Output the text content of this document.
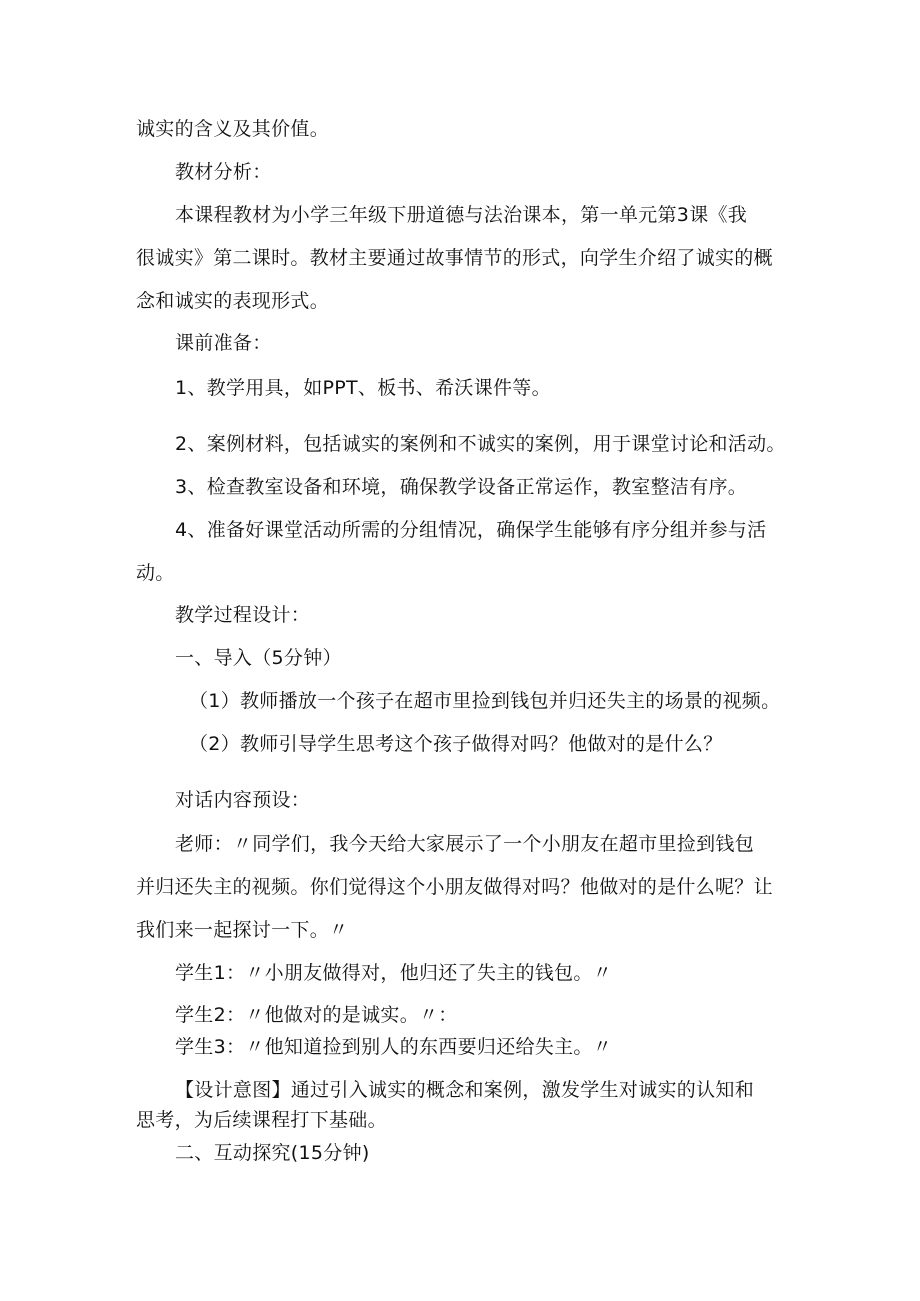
诚实的含义及其价值。
教材分析：
本课程教材为小学三年级下册道德与法治课本，第一单元第3课《我
很诚实》第二课时。教材主要通过故事情节的形式，向学生介绍了诚实的概
念和诚实的表现形式。
课前准备：
1、教学用具，如PPT、板书、希沃课件等。
2、案例材料，包括诚实的案例和不诚实的案例，用于课堂讨论和活动。
3、检查教室设备和环境，确保教学设备正常运作，教室整洁有序。
4、准备好课堂活动所需的分组情况，确保学生能够有序分组并参与活
动。
教学过程设计：
一、导入（5分钟）
（1）教师播放一个孩子在超市里捡到钱包并归还失主的场景的视频。
（2）教师引导学生思考这个孩子做得对吗？他做对的是什么？
对话内容预设：
老师：〃同学们，我今天给大家展示了一个小朋友在超市里捡到钱包
并归还失主的视频。你们觉得这个小朋友做得对吗？他做对的是什么呢？让
我们来一起探讨一下。〃
学生1：〃小朋友做得对，他归还了失主的钱包。〃
学生2：〃他做对的是诚实。〃：
学生3：〃他知道捡到别人的东西要归还给失主。〃
【设计意图】通过引入诚实的概念和案例，激发学生对诚实的认知和
思考，为后续课程打下基础。
二、互动探究(15分钟)
